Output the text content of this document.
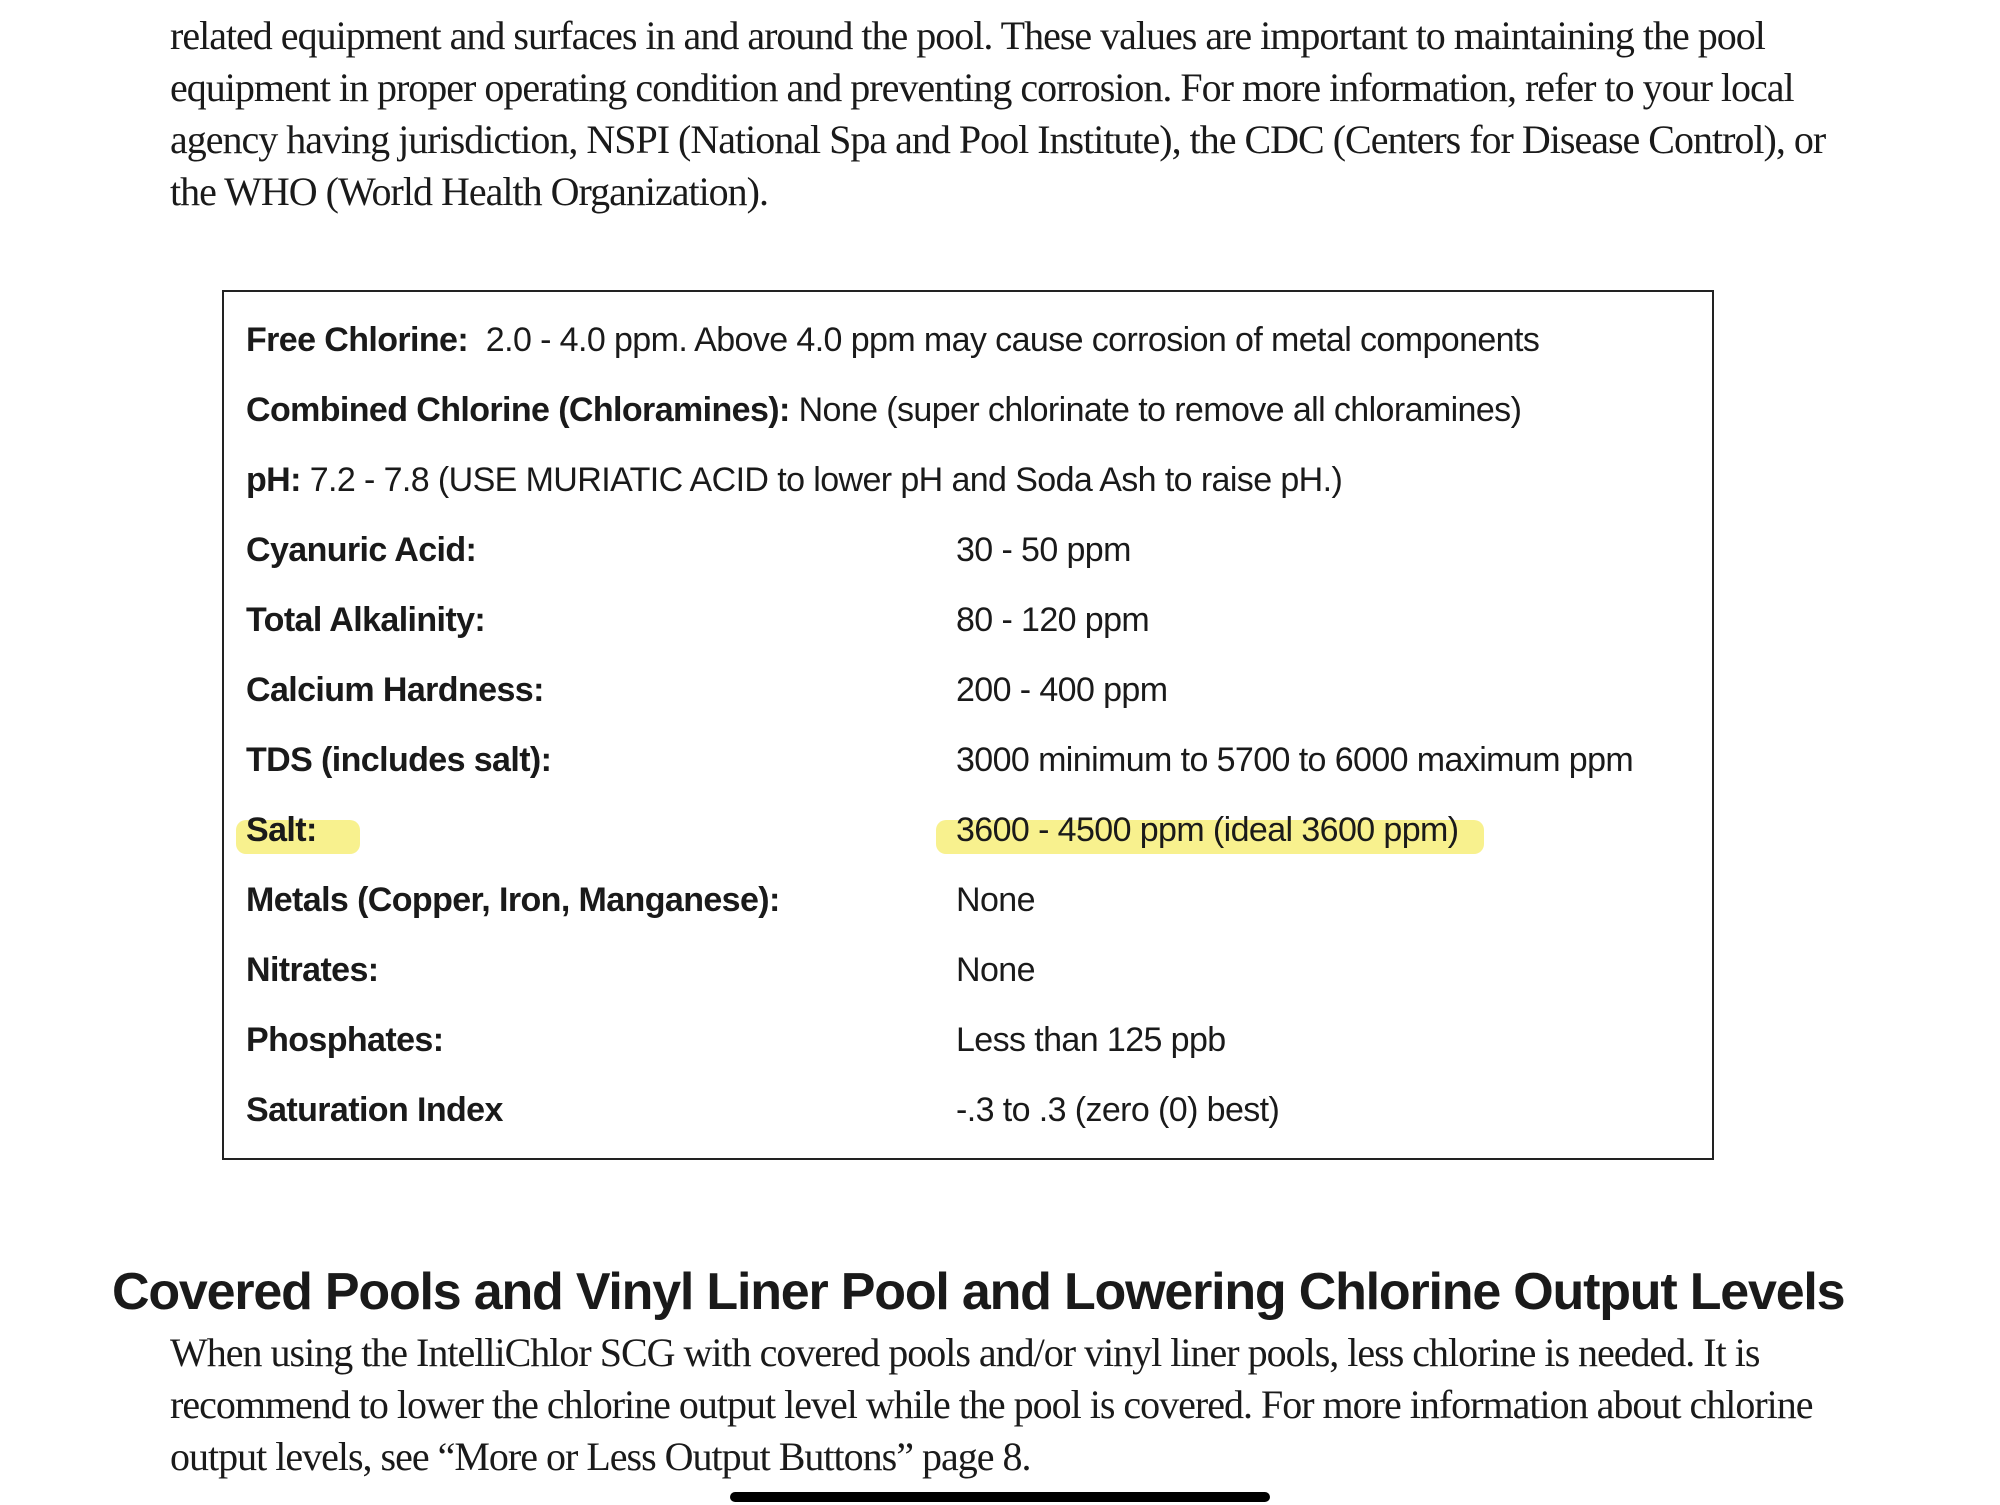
related equipment and surfaces in and around the pool. These values are important to maintaining the pool
equipment in proper operating condition and preventing corrosion. For more information, refer to your local
agency having jurisdiction, NSPI (National Spa and Pool Institute), the CDC (Centers for Disease Control), or
the WHO (World Health Organization).
Free Chlorine: 2.0 - 4.0 ppm. Above 4.0 ppm may cause corrosion of metal components
Combined Chlorine (Chloramines): None (super chlorinate to remove all chloramines)
pH: 7.2 - 7.8 (USE MURIATIC ACID to lower pH and Soda Ash to raise pH.)
Cyanuric Acid:	30 - 50 ppm
Total Alkalinity:	80 - 120 ppm
Calcium Hardness:	200 - 400 ppm
TDS (includes salt):	3000 minimum to 5700 to 6000 maximum ppm
Salt:	3600 - 4500 ppm (ideal 3600 ppm)
Metals (Copper, Iron, Manganese):	None
Nitrates:	None
Phosphates:	Less than 125 ppb
Saturation Index	-.3 to .3 (zero (0) best)
Covered Pools and Vinyl Liner Pool and Lowering Chlorine Output Levels
When using the IntelliChlor SCG with covered pools and/or vinyl liner pools, less chlorine is needed. It is
recommend to lower the chlorine output level while the pool is covered. For more information about chlorine
output levels, see “More or Less Output Buttons” page 8.
